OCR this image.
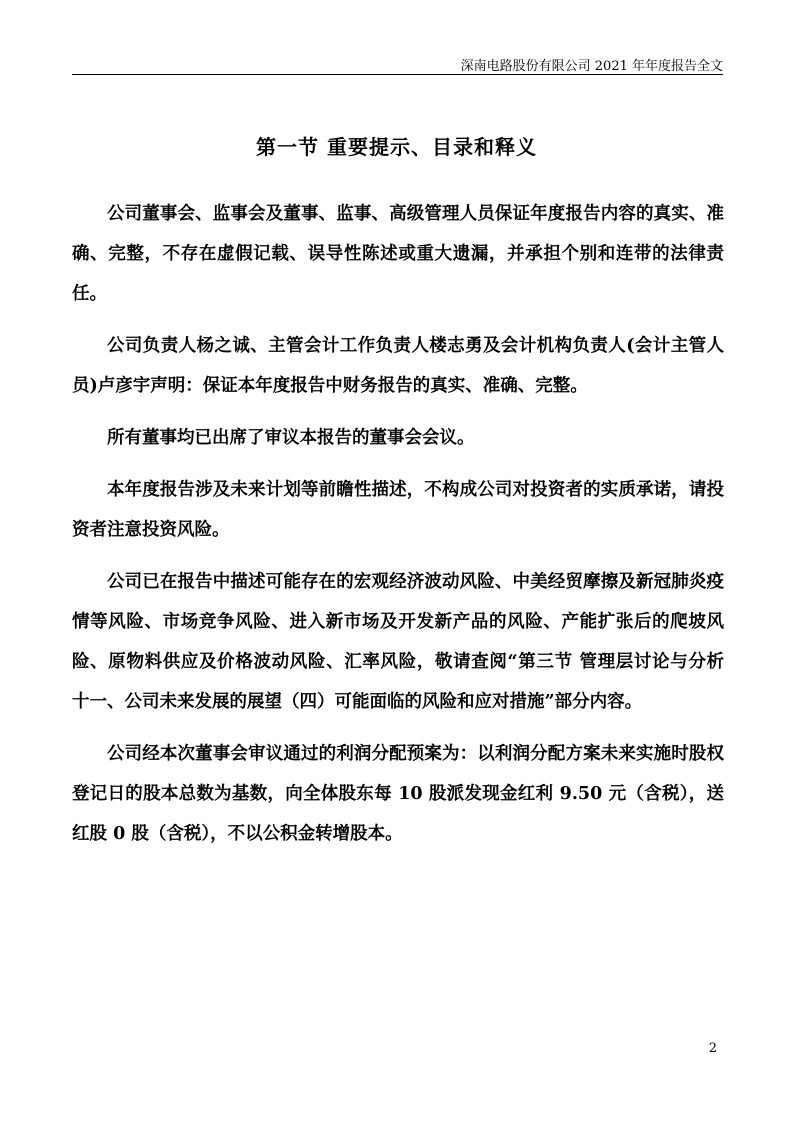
深南电路股份有限公司 2021 年年度报告全文
第一节 重要提示、目录和释义

公司董事会、监事会及董事、监事、高级管理人员保证年度报告内容的真实、准确、完整，不存在虚假记载、误导性陈述或重大遗漏，并承担个别和连带的法律责任。

公司负责人杨之诚、主管会计工作负责人楼志勇及会计机构负责人(会计主管人员)卢彦宇声明：保证本年度报告中财务报告的真实、准确、完整。

所有董事均已出席了审议本报告的董事会会议。

本年度报告涉及未来计划等前瞻性描述，不构成公司对投资者的实质承诺，请投资者注意投资风险。

公司已在报告中描述可能存在的宏观经济波动风险、中美经贸摩擦及新冠肺炎疫情等风险、市场竞争风险、进入新市场及开发新产品的风险、产能扩张后的爬坡风险、原物料供应及价格波动风险、汇率风险，敬请查阅“第三节 管理层讨论与分析 十一、公司未来发展的展望（四）可能面临的风险和应对措施”部分内容。

公司经本次董事会审议通过的利润分配预案为：以利润分配方案未来实施时股权登记日的股本总数为基数，向全体股东每 10 股派发现金红利 9.50 元（含税），送红股 0 股（含税），不以公积金转增股本。

2
